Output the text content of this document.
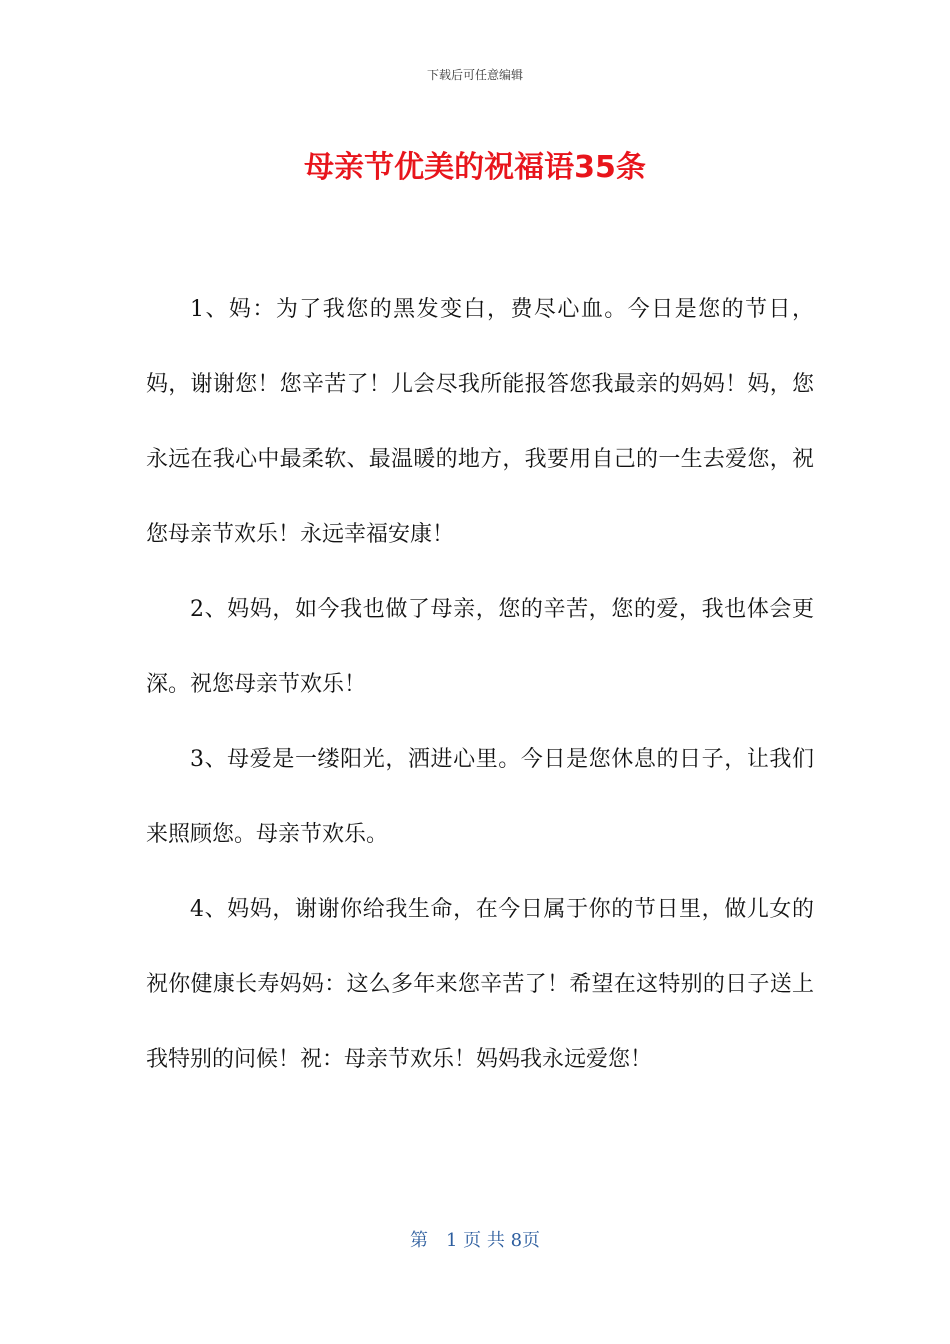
下载后可任意编辑
母亲节优美的祝福语35条

1、妈：为了我您的黑发变白，费尽心血。今日是您的节日，妈，谢谢您！您辛苦了！儿会尽我所能报答您我最亲的妈妈！妈，您永远在我心中最柔软、最温暖的地方，我要用自己的一生去爱您，祝您母亲节欢乐！永远幸福安康！

2、妈妈，如今我也做了母亲，您的辛苦，您的爱，我也体会更深。祝您母亲节欢乐！

3、母爱是一缕阳光，洒进心里。今日是您休息的日子，让我们来照顾您。母亲节欢乐。

4、妈妈，谢谢你给我生命，在今日属于你的节日里，做儿女的祝你健康长寿妈妈：这么多年来您辛苦了！希望在这特别的日子送上我特别的问候！祝：母亲节欢乐！妈妈我永远爱您！

第　1 页 共 8页
